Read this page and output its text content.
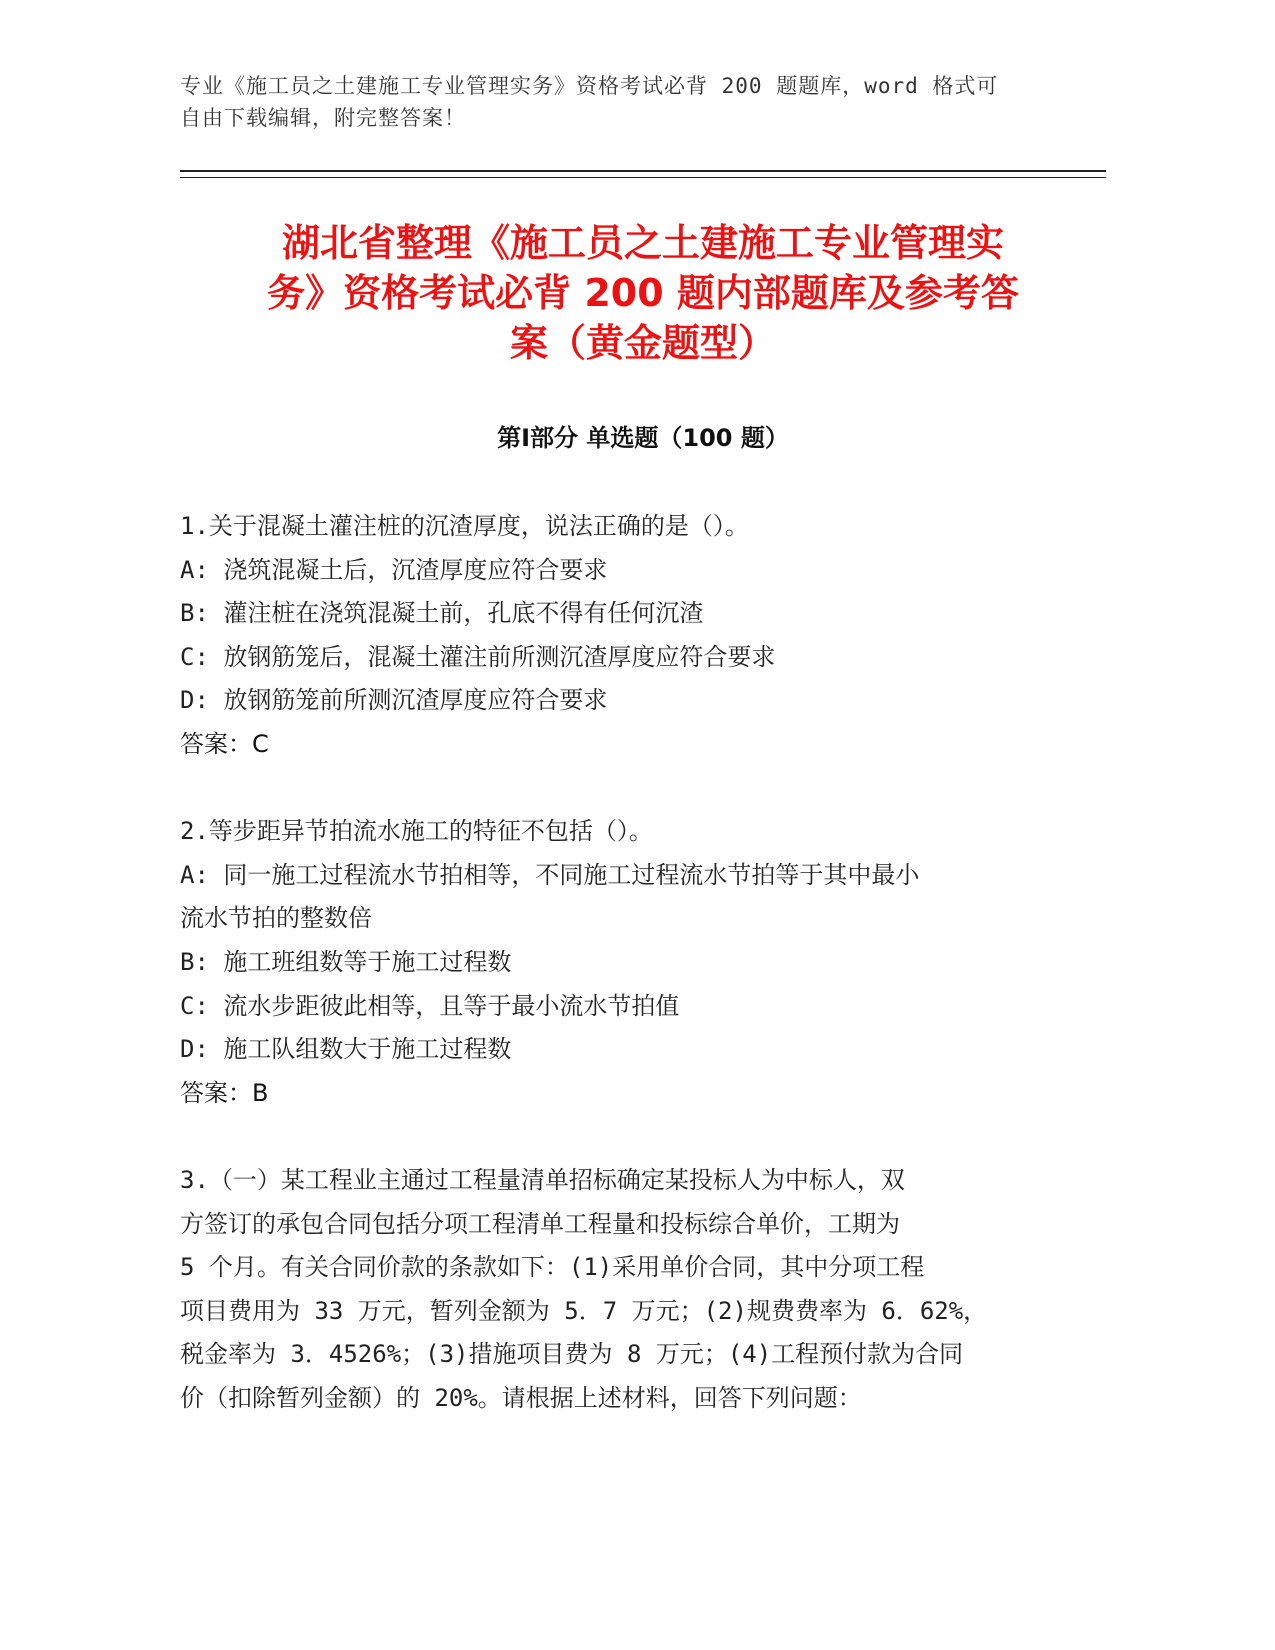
专业《施工员之土建施工专业管理实务》资格考试必背 200 题题库，word 格式可
自由下载编辑，附完整答案！
湖北省整理《施工员之土建施工专业管理实
务》资格考试必背 200 题内部题库及参考答
案（黄金题型）
第Ⅰ部分 单选题（100 题）
1.关于混凝土灌注桩的沉渣厚度，说法正确的是（）。
A: 浇筑混凝土后，沉渣厚度应符合要求
B: 灌注桩在浇筑混凝土前，孔底不得有任何沉渣
C: 放钢筋笼后，混凝土灌注前所测沉渣厚度应符合要求
D: 放钢筋笼前所测沉渣厚度应符合要求
答案：C
2.等步距异节拍流水施工的特征不包括（）。
A: 同一施工过程流水节拍相等，不同施工过程流水节拍等于其中最小
流水节拍的整数倍
B: 施工班组数等于施工过程数
C: 流水步距彼此相等，且等于最小流水节拍值
D: 施工队组数大于施工过程数
答案：B
3.（一）某工程业主通过工程量清单招标确定某投标人为中标人，双
方签订的承包合同包括分项工程清单工程量和投标综合单价，工期为
5 个月。有关合同价款的条款如下：(1)采用单价合同，其中分项工程
项目费用为 33 万元，暂列金额为 5．7 万元；(2)规费费率为 6．62%，
税金率为 3．4526%；(3)措施项目费为 8 万元；(4)工程预付款为合同
价（扣除暂列金额）的 20%。请根据上述材料，回答下列问题：
